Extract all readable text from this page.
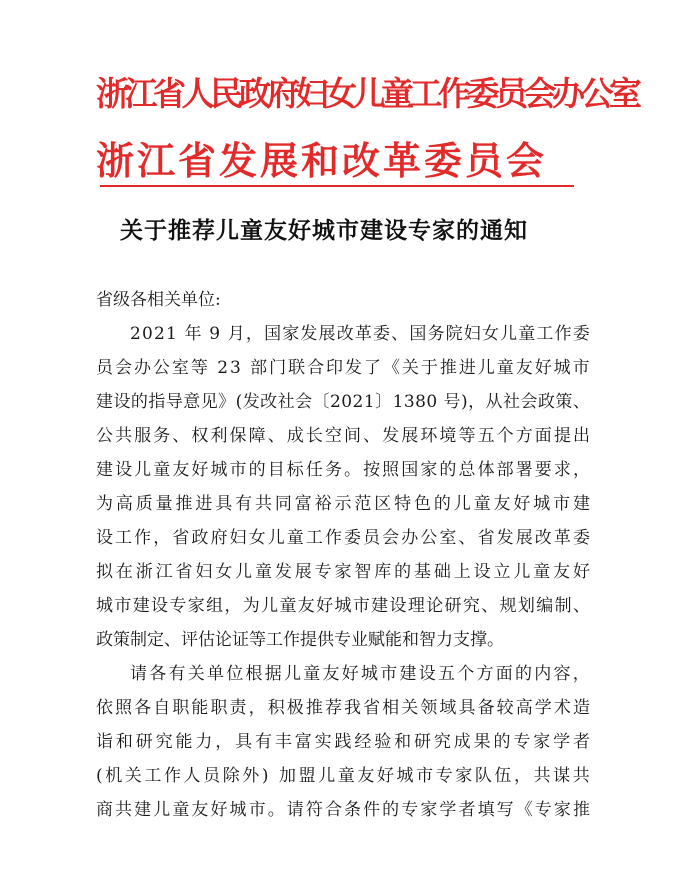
浙江省人民政府妇女儿童工作委员会办公室
浙江省发展和改革委员会
关于推荐儿童友好城市建设专家的通知
省级各相关单位:
2 0 2 1
年
9
月 ， 国 家 发 展 改 革 委 、 国 务 院 妇 女 儿 童 工 作 委
员 会 办 公 室 等
2 3
部 门 联 合 印 发 了 《 关 于 推 进 儿 童 友 好 城 市
建 设 的 指 导 意 见 》 ( 发 改 社 会 〔 2 0 2 1 〕 1 3 8 0
号 ) ， 从 社 会 政 策 、
公 共 服 务 、 权 利 保 障 、 成 长 空 间 、 发 展 环 境 等 五 个 方 面 提 出
建 设 儿 童 友 好 城 市 的 目 标 任 务 。 按 照 国 家 的 总 体 部 署 要 求 ，
为 高 质 量 推 进 具 有 共 同 富 裕 示 范 区 特 色 的 儿 童 友 好 城 市 建
设 工 作 ， 省 政 府 妇 女 儿 童 工 作 委 员 会 办 公 室 、 省 发 展 改 革 委
拟 在 浙 江 省 妇 女 儿 童 发 展 专 家 智 库 的 基 础 上 设 立 儿 童 友 好
城 市 建 设 专 家 组 ， 为 儿 童 友 好 城 市 建 设 理 论 研 究 、 规 划 编 制 、
政策制定、评估论证等工作提供专业赋能和智力支撑。
请 各 有 关 单 位 根 据 儿 童 友 好 城 市 建 设 五 个 方 面 的 内 容 ，
依 照 各 自 职 能 职 责 ， 积 极 推 荐 我 省 相 关 领 域 具 备 较 高 学 术 造
诣 和 研 究 能 力 ， 具 有 丰 富 实 践 经 验 和 研 究 成 果 的 专 家 学 者
( 机 关 工 作 人 员 除 外 )
加 盟 儿 童 友 好 城 市 专 家 队 伍 ， 共 谋 共
商 共 建 儿 童 友 好 城 市 。 请 符 合 条 件 的 专 家 学 者 填 写 《 专 家 推
